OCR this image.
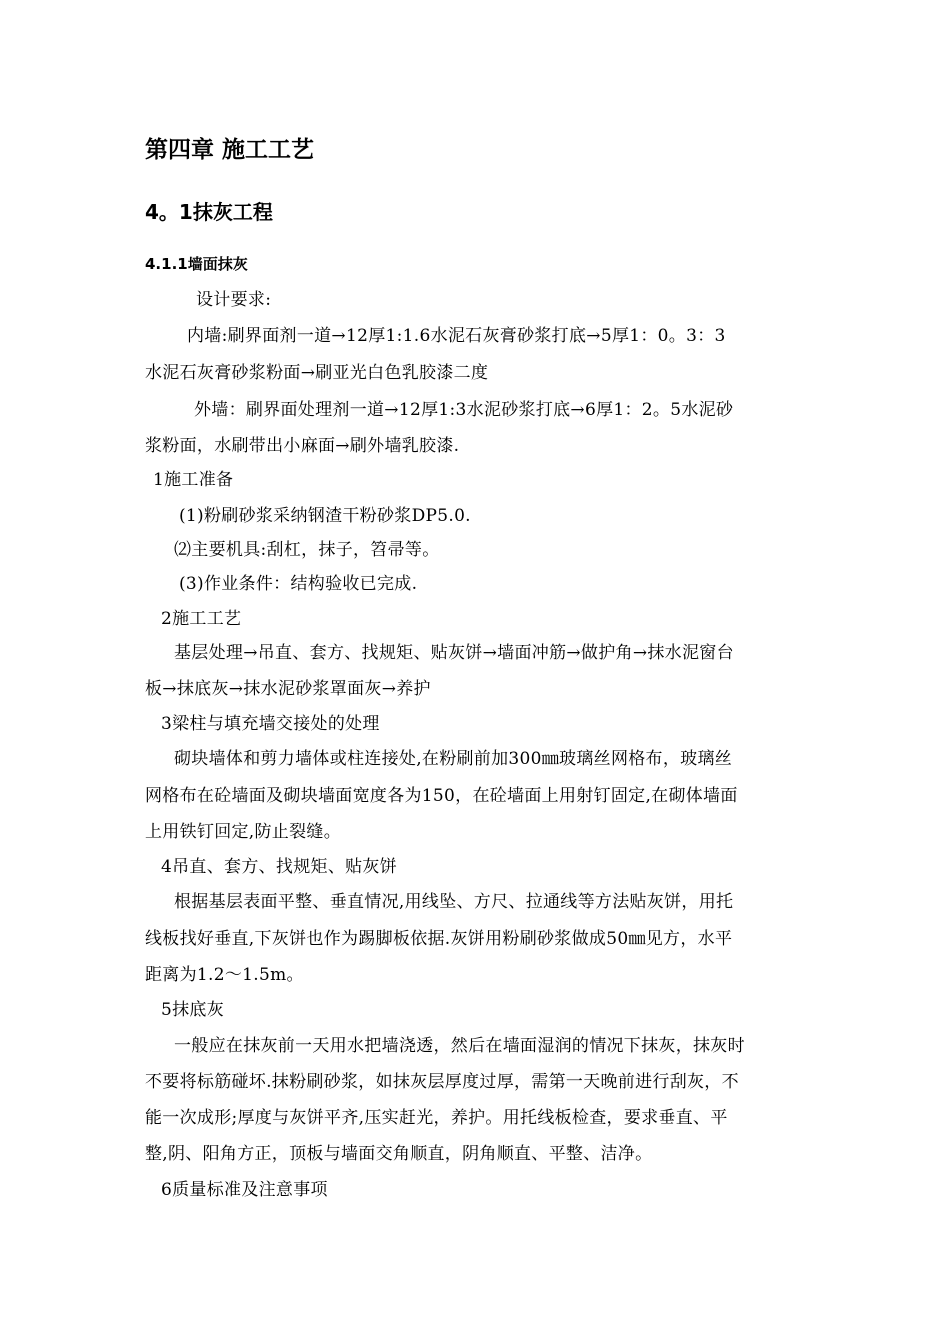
第四章 施工工艺
4。1抹灰工程
4.1.1墙面抹灰
设计要求:
内墙:刷界面剂一道→12厚1:1.6水泥石灰膏砂浆打底→5厚1：0。3：3
水泥石灰膏砂浆粉面→刷亚光白色乳胶漆二度
外墙：刷界面处理剂一道→12厚1:3水泥砂浆打底→6厚1：2。5水泥砂
浆粉面，水刷带出小麻面→刷外墙乳胶漆.
1施工准备
(1)粉刷砂浆采纳钢渣干粉砂浆DP5.0.
⑵主要机具:刮杠，抹子，笤帚等。
(3)作业条件：结构验收已完成.
2施工工艺
基层处理→吊直、套方、找规矩、贴灰饼→墙面冲筋→做护角→抹水泥窗台
板→抹底灰→抹水泥砂浆罩面灰→养护
3梁柱与填充墙交接处的处理
砌块墙体和剪力墙体或柱连接处,在粉刷前加300㎜玻璃丝网格布，玻璃丝
网格布在砼墙面及砌块墙面宽度各为150，在砼墙面上用射钉固定,在砌体墙面
上用铁钉回定,防止裂缝。
4吊直、套方、找规矩、贴灰饼
根据基层表面平整、垂直情况,用线坠、方尺、拉通线等方法贴灰饼，用托
线板找好垂直,下灰饼也作为踢脚板依据.灰饼用粉刷砂浆做成50㎜见方，水平
距离为1.2～1.5m。
5抹底灰
一般应在抹灰前一天用水把墙浇透，然后在墙面湿润的情况下抹灰，抹灰时
不要将标筋碰坏.抹粉刷砂浆，如抹灰层厚度过厚，需第一天晚前进行刮灰，不
能一次成形;厚度与灰饼平齐,压实赶光，养护。用托线板检查，要求垂直、平
整,阴、阳角方正，顶板与墙面交角顺直，阴角顺直、平整、洁净。
6质量标准及注意事项
